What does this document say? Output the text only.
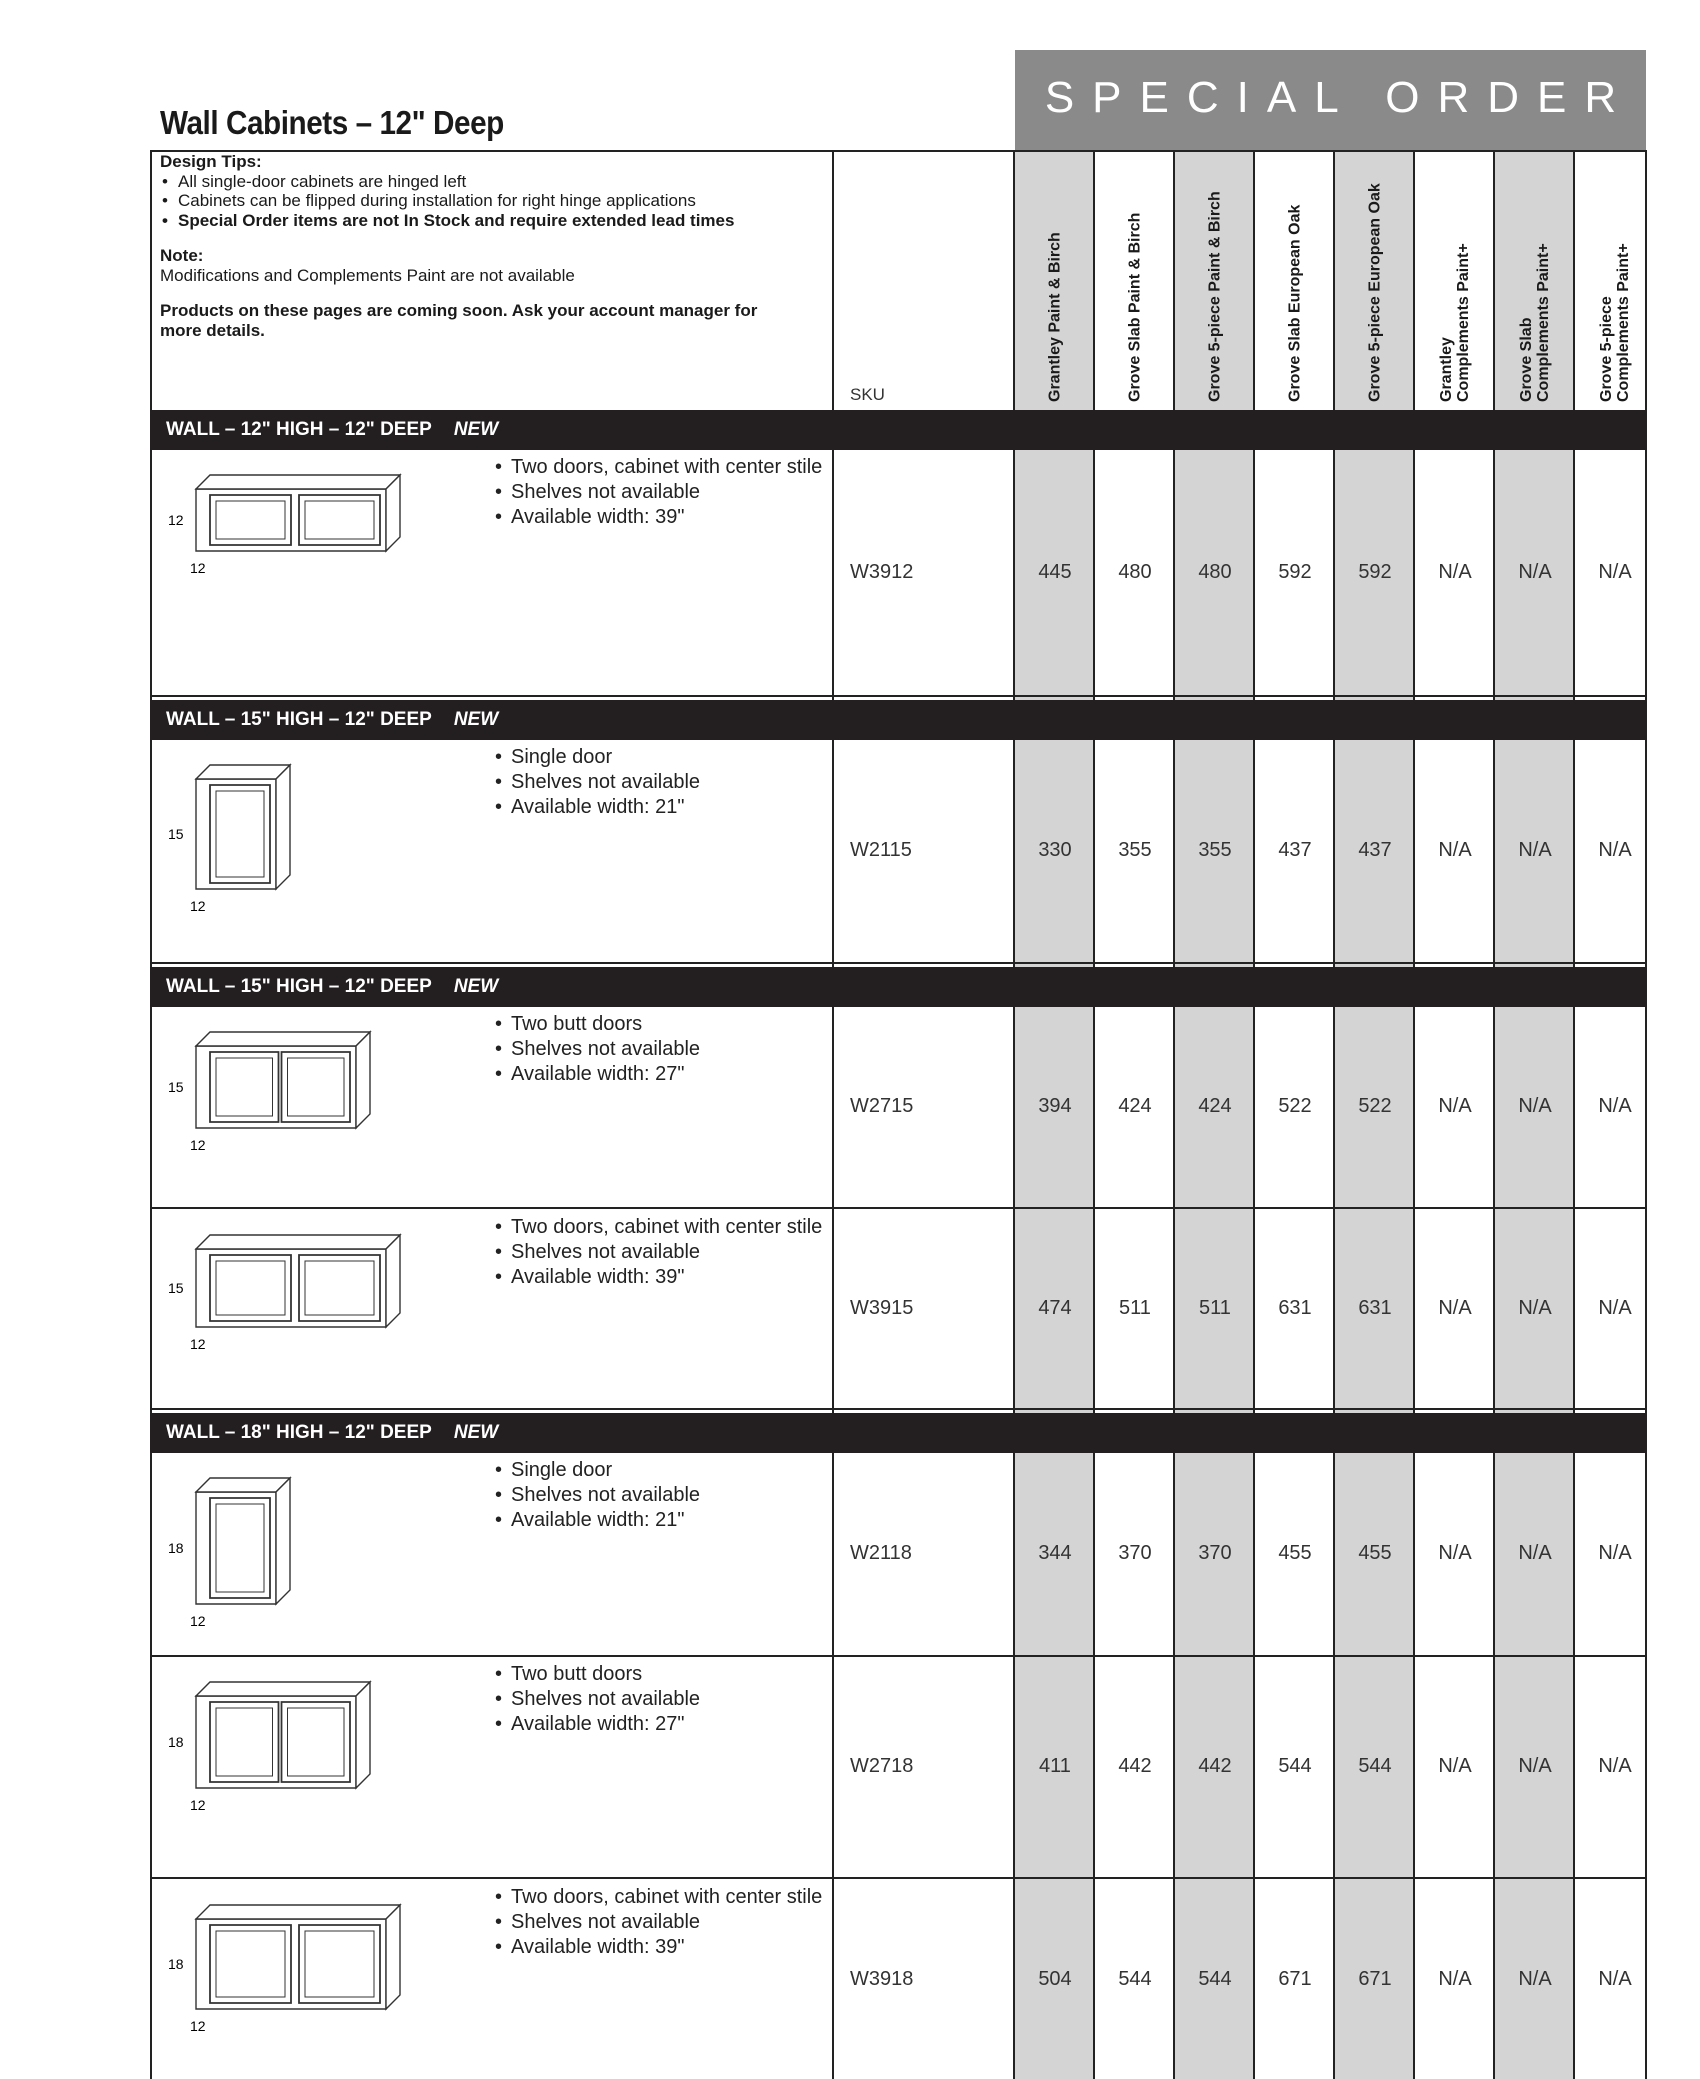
Wall Cabinets – 12" Deep
SPECIAL ORDER
Design Tips:
• All single-door cabinets are hinged left
• Cabinets can be flipped during installation for right hinge applications
• Special Order items are not In Stock and require extended lead times
Note:
Modifications and Complements Paint are not available
Products on these pages are coming soon. Ask your account manager for more details.
SKU	Grantley Paint & Birch	Grove Slab Paint & Birch	Grove 5-piece Paint & Birch	Grove Slab European Oak	Grove 5-piece European Oak	Grantley Complements Paint+	Grove Slab Complements Paint+	Grove 5-piece Complements Paint+
WALL – 12" HIGH – 12" DEEP NEW
12
12
• Two doors, cabinet with center stile
• Shelves not available
• Available width: 39"
W3912	445	480	480	592	592	N/A	N/A	N/A
WALL – 15" HIGH – 12" DEEP NEW
15
12
• Single door
• Shelves not available
• Available width: 21"
W2115	330	355	355	437	437	N/A	N/A	N/A
WALL – 15" HIGH – 12" DEEP NEW
15
12
• Two butt doors
• Shelves not available
• Available width: 27"
W2715	394	424	424	522	522	N/A	N/A	N/A
15
12
• Two doors, cabinet with center stile
• Shelves not available
• Available width: 39"
W3915	474	511	511	631	631	N/A	N/A	N/A
WALL – 18" HIGH – 12" DEEP NEW
18
12
• Single door
• Shelves not available
• Available width: 21"
W2118	344	370	370	455	455	N/A	N/A	N/A
18
12
• Two butt doors
• Shelves not available
• Available width: 27"
W2718	411	442	442	544	544	N/A	N/A	N/A
18
12
• Two doors, cabinet with center stile
• Shelves not available
• Available width: 39"
W3918	504	544	544	671	671	N/A	N/A	N/A
